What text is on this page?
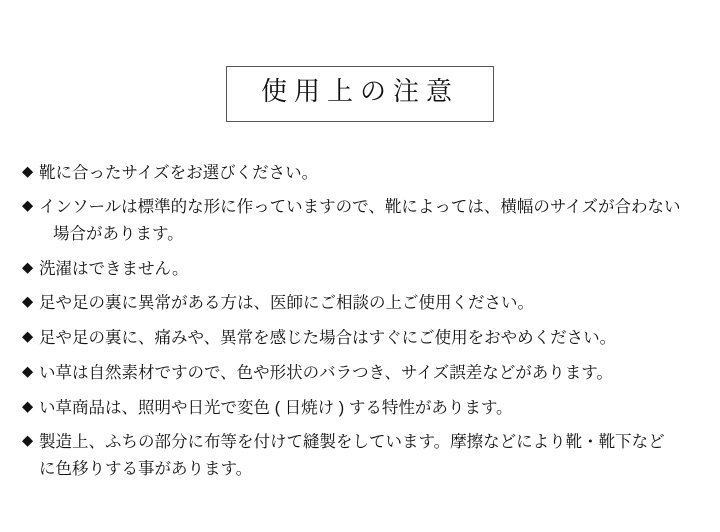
使用上の注意
◆ 靴に合ったサイズをお選びください。
◆ インソールは標準的な形に作っていますので、靴によっては、横幅のサイズが合わない
場合があります。
◆ 洗濯はできません。
◆ 足や足の裏に異常がある方は、医師にご相談の上ご使用ください。
◆ 足や足の裏に、痛みや、異常を感じた場合はすぐにご使用をおやめください。
◆ い草は自然素材ですので、色や形状のバラつき、サイズ誤差などがあります。
◆ い草商品は、照明や日光で変色 ( 日焼け ) する特性があります。
◆ 製造上、ふちの部分に布等を付けて縫製をしています。摩擦などにより靴・靴下など
に色移りする事があります。
